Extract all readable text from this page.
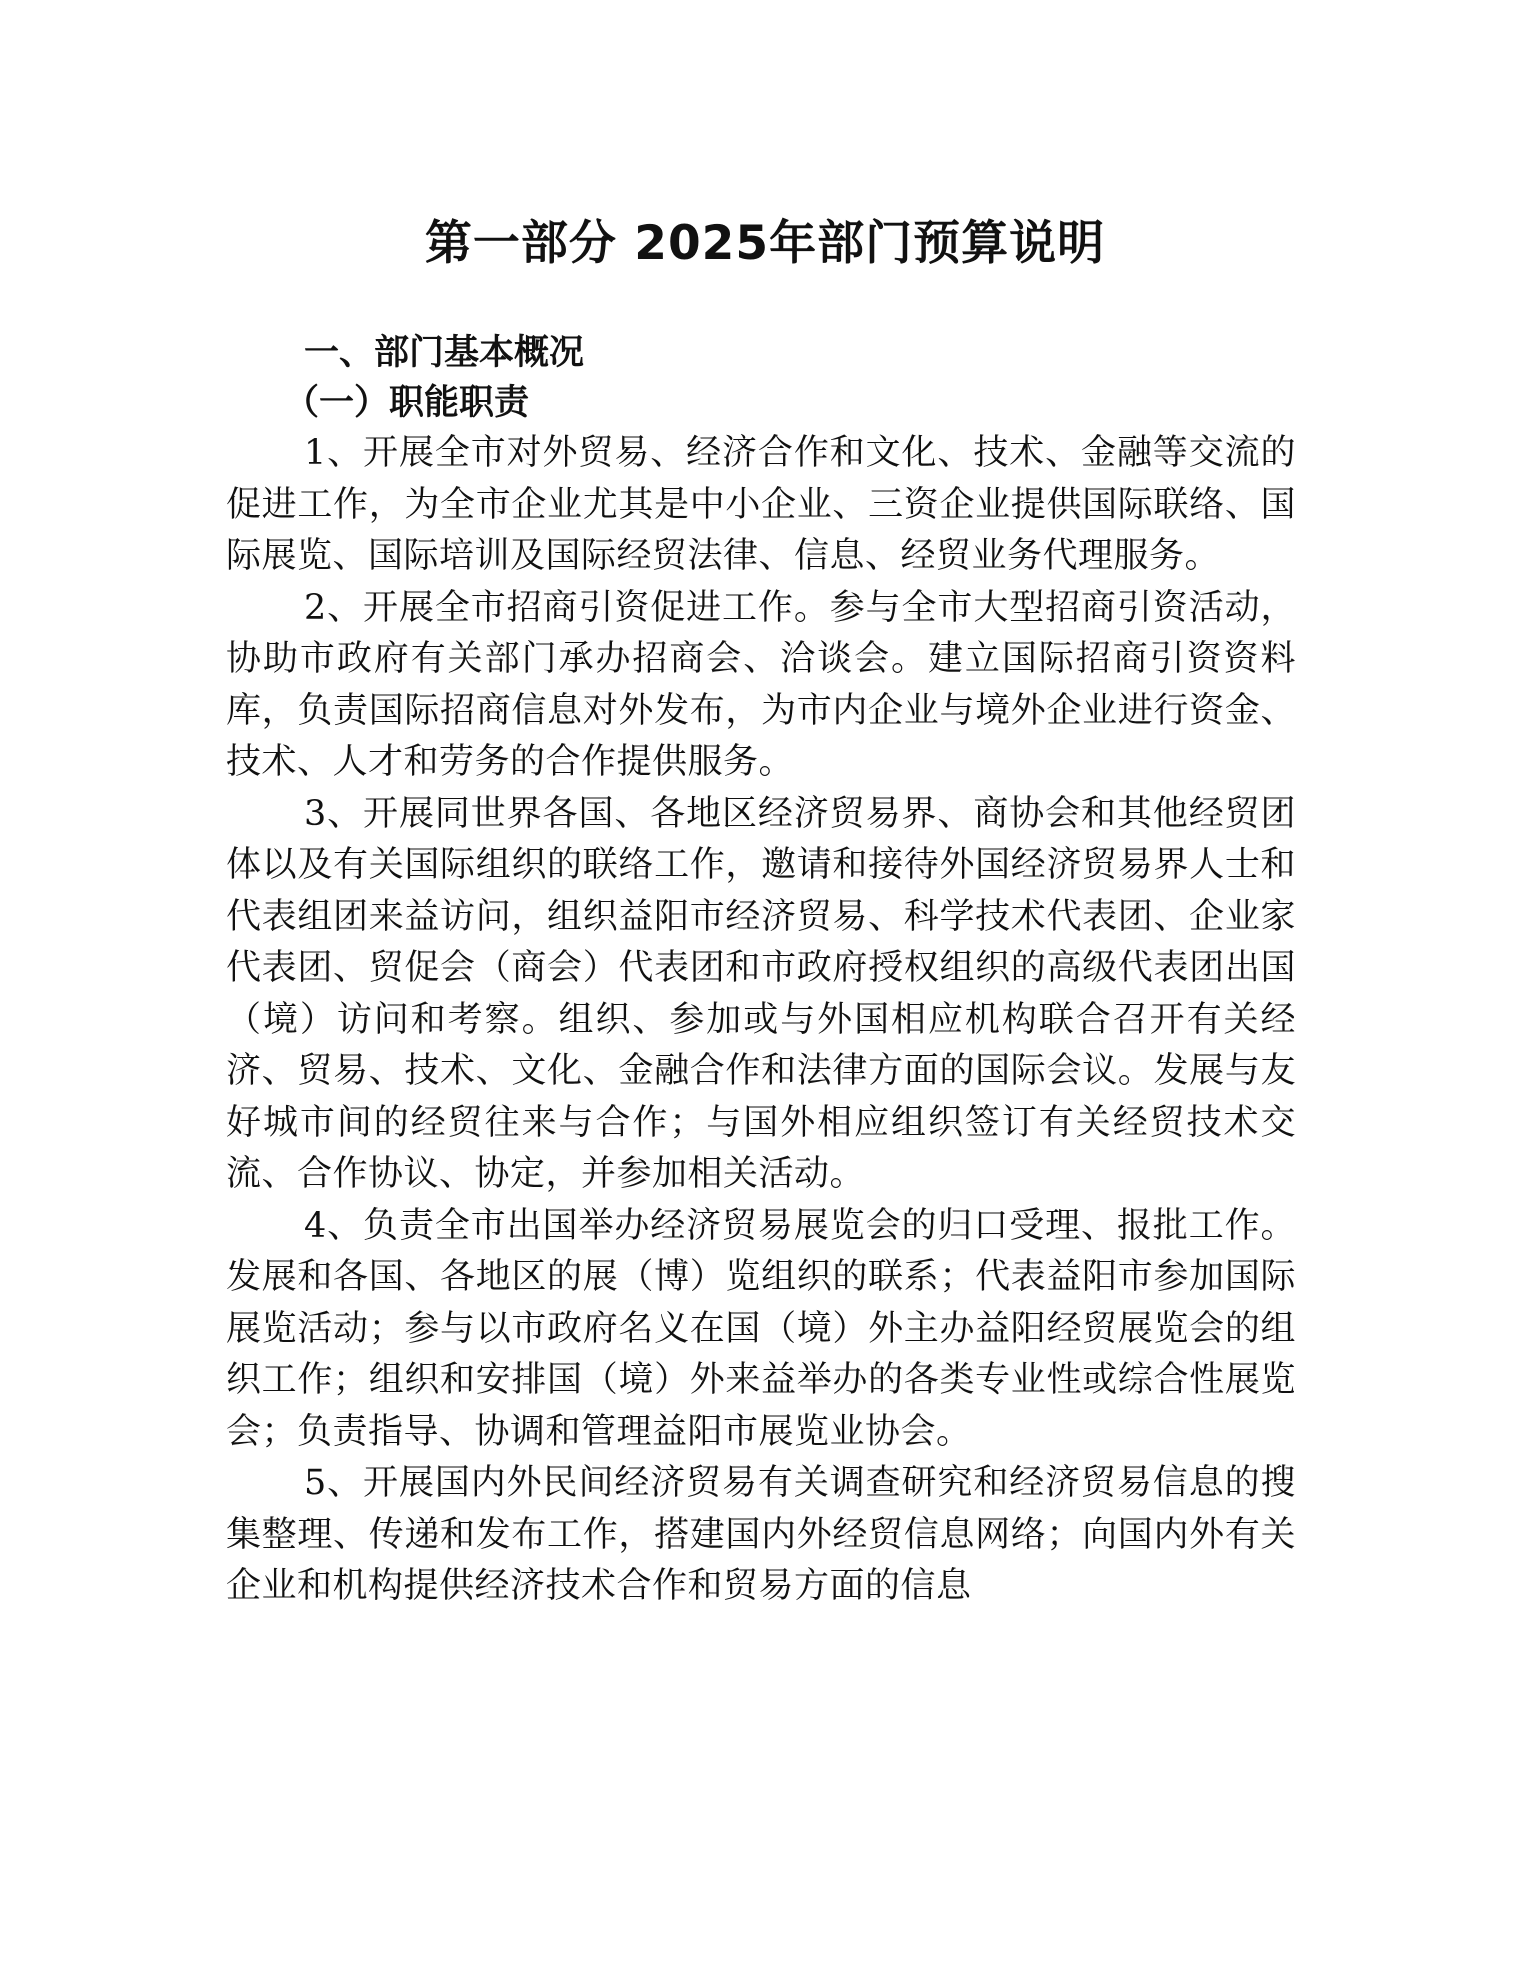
第一部分 2025年部门预算说明

一、部门基本概况

（一）职能职责

1、开展全市对外贸易、经济合作和文化、技术、金融等交流的促进工作，为全市企业尤其是中小企业、三资企业提供国际联络、国际展览、国际培训及国际经贸法律、信息、经贸业务代理服务。

2、开展全市招商引资促进工作。参与全市大型招商引资活动，协助市政府有关部门承办招商会、洽谈会。建立国际招商引资资料库，负责国际招商信息对外发布，为市内企业与境外企业进行资金、技术、人才和劳务的合作提供服务。

3、开展同世界各国、各地区经济贸易界、商协会和其他经贸团体以及有关国际组织的联络工作，邀请和接待外国经济贸易界人士和代表组团来益访问，组织益阳市经济贸易、科学技术代表团、企业家代表团、贸促会（商会）代表团和市政府授权组织的高级代表团出国（境）访问和考察。组织、参加或与外国相应机构联合召开有关经济、贸易、技术、文化、金融合作和法律方面的国际会议。发展与友好城市间的经贸往来与合作；与国外相应组织签订有关经贸技术交流、合作协议、协定，并参加相关活动。

4、负责全市出国举办经济贸易展览会的归口受理、报批工作。发展和各国、各地区的展（博）览组织的联系；代表益阳市参加国际展览活动；参与以市政府名义在国（境）外主办益阳经贸展览会的组织工作；组织和安排国（境）外来益举办的各类专业性或综合性展览会；负责指导、协调和管理益阳市展览业协会。

5、开展国内外民间经济贸易有关调查研究和经济贸易信息的搜集整理、传递和发布工作，搭建国内外经贸信息网络；向国内外有关企业和机构提供经济技术合作和贸易方面的信息
